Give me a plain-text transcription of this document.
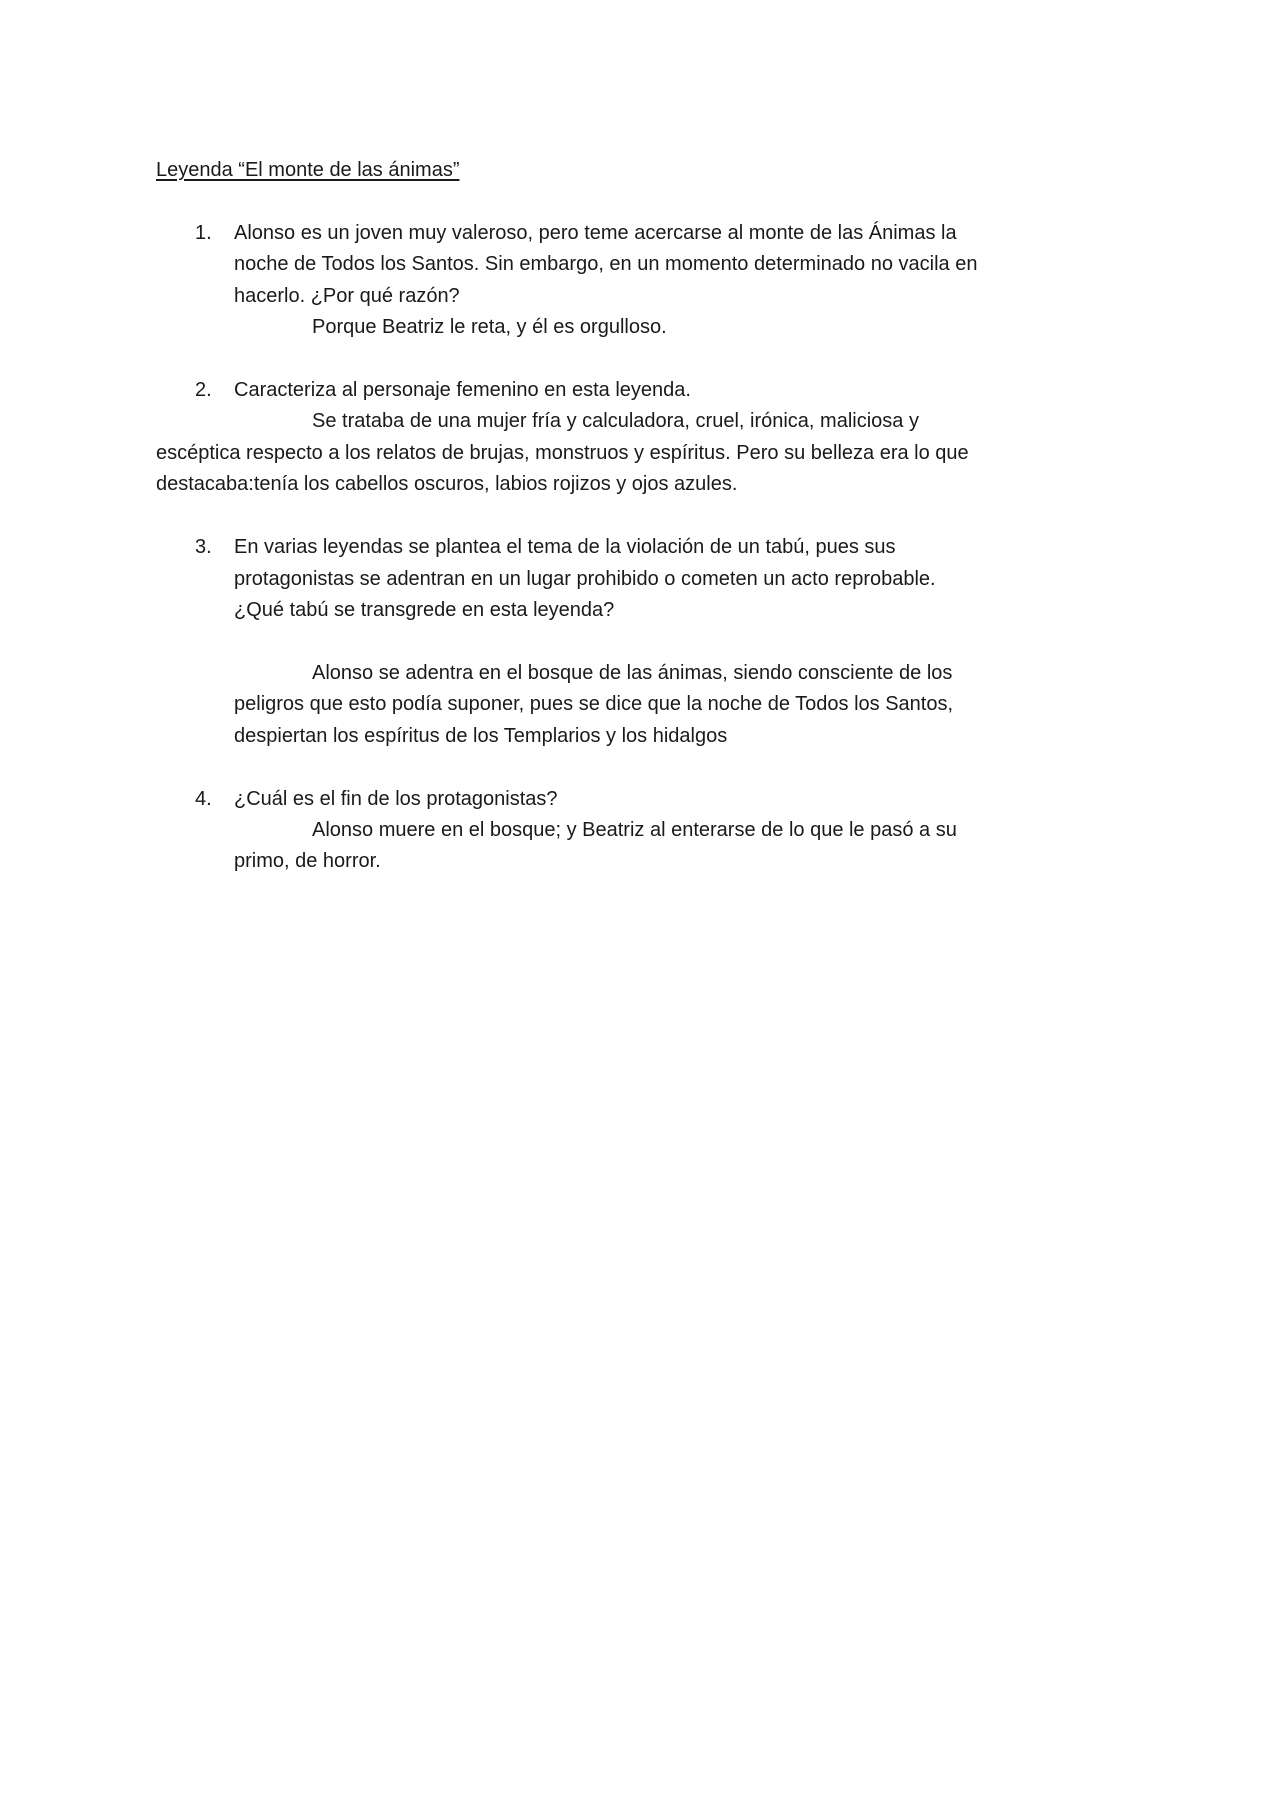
Leyenda “El monte de las ánimas”
1. Alonso es un joven muy valeroso, pero teme acercarse al monte de las Ánimas la
noche de Todos los Santos. Sin embargo, en un momento determinado no vacila en
hacerlo. ¿Por qué razón?
Porque Beatriz le reta, y él es orgulloso.
2. Caracteriza al personaje femenino en esta leyenda.
Se trataba de una mujer fría y calculadora, cruel, irónica, maliciosa y
escéptica respecto a los relatos de brujas, monstruos y espíritus. Pero su belleza era lo que
destacaba:tenía los cabellos oscuros, labios rojizos y ojos azules.
3. En varias leyendas se plantea el tema de la violación de un tabú, pues sus
protagonistas se adentran en un lugar prohibido o cometen un acto reprobable.
¿Qué tabú se transgrede en esta leyenda?
Alonso se adentra en el bosque de las ánimas, siendo consciente de los
peligros que esto podía suponer, pues se dice que la noche de Todos los Santos,
despiertan los espíritus de los Templarios y los hidalgos
4. ¿Cuál es el fin de los protagonistas?
Alonso muere en el bosque; y Beatriz al enterarse de lo que le pasó a su
primo, de horror.
